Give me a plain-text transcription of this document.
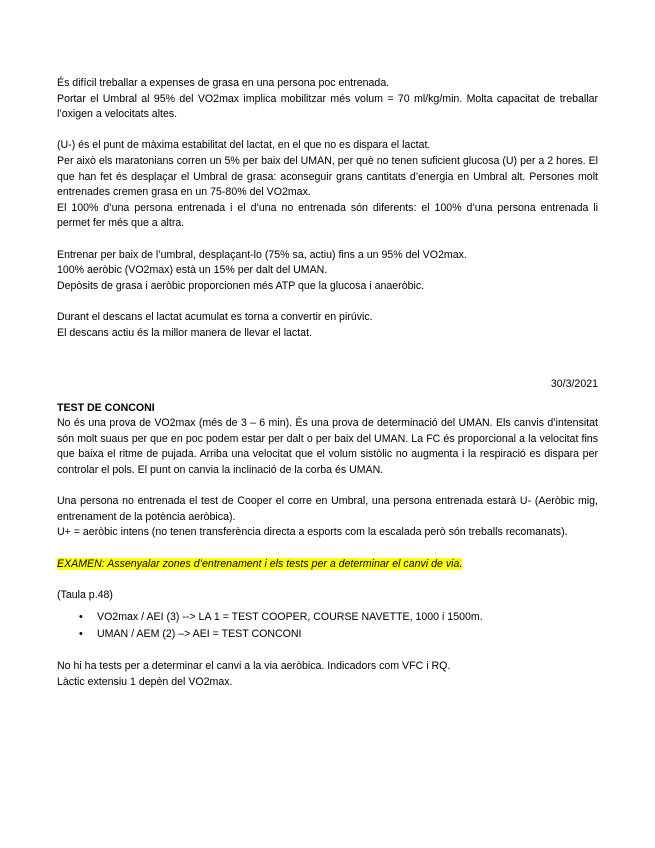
És difícil treballar a expenses de grasa en una persona poc entrenada.

Portar el Umbral al 95% del VO2max implica mobilitzar més volum = 70 ml/kg/min. Molta capacitat de treballar l’oxigen a velocitats altes.

(U-) és el punt de màxima estabilitat del lactat, en el que no es dispara el lactat.

Per això els maratonians corren un 5% per baix del UMAN, per què no tenen suficient glucosa (U) per a 2 hores. El que han fet és desplaçar el Umbral de grasa: aconseguir grans cantitats d’energia en Umbral alt. Persones molt entrenades cremen grasa en un 75-80% del VO2max.

El 100% d’una persona entrenada i el d’una no entrenada són diferents: el 100% d’una persona entrenada li permet fer més que a altra.

Entrenar per baix de l’umbral, desplaçant-lo (75% sa, actiu) fins a un 95% del VO2max.

100% aeròbic (VO2max) està un 15% per dalt del UMAN.

Depòsits de grasa i aeròbic proporcionen més ATP que la glucosa i anaeròbic.

Durant el descans el lactat acumulat es torna a convertir en pirúvic.

El descans actiu és la millor manera de llevar el lactat.

30/3/2021

TEST DE CONCONI

No és una prova de VO2max (més de 3 – 6 min). És una prova de determinació del UMAN. Els canvis d’intensitat són molt suaus per que en poc podem estar per dalt o per baix del UMAN. La FC és proporcional a la velocitat fins que baixa el ritme de pujada. Arriba una velocitat que el volum sistòlic no augmenta i la respiració es dispara per controlar el pols. El punt on canvia la inclinació de la corba és UMAN.

Una persona no entrenada el test de Cooper el corre en Umbral, una persona entrenada estarà U- (Aeròbic mig, entrenament de la potència aeròbica).

U+ = aeròbic intens (no tenen transferència directa a esports com la escalada però són treballs recomanats).

EXAMEN: Assenyalar zones d’entrenament i els tests per a determinar el canvi de via.

(Taula p.48)

• VO2max / AEI (3) --> LA 1 = TEST COOPER, COURSE NAVETTE, 1000 i 1500m.
• UMAN / AEM (2) –> AEI = TEST CONCONI

No hi ha tests per a determinar el canvi a la via aeròbica. Indicadors com VFC i RQ.

Làctic extensiu 1 depèn del VO2max.
